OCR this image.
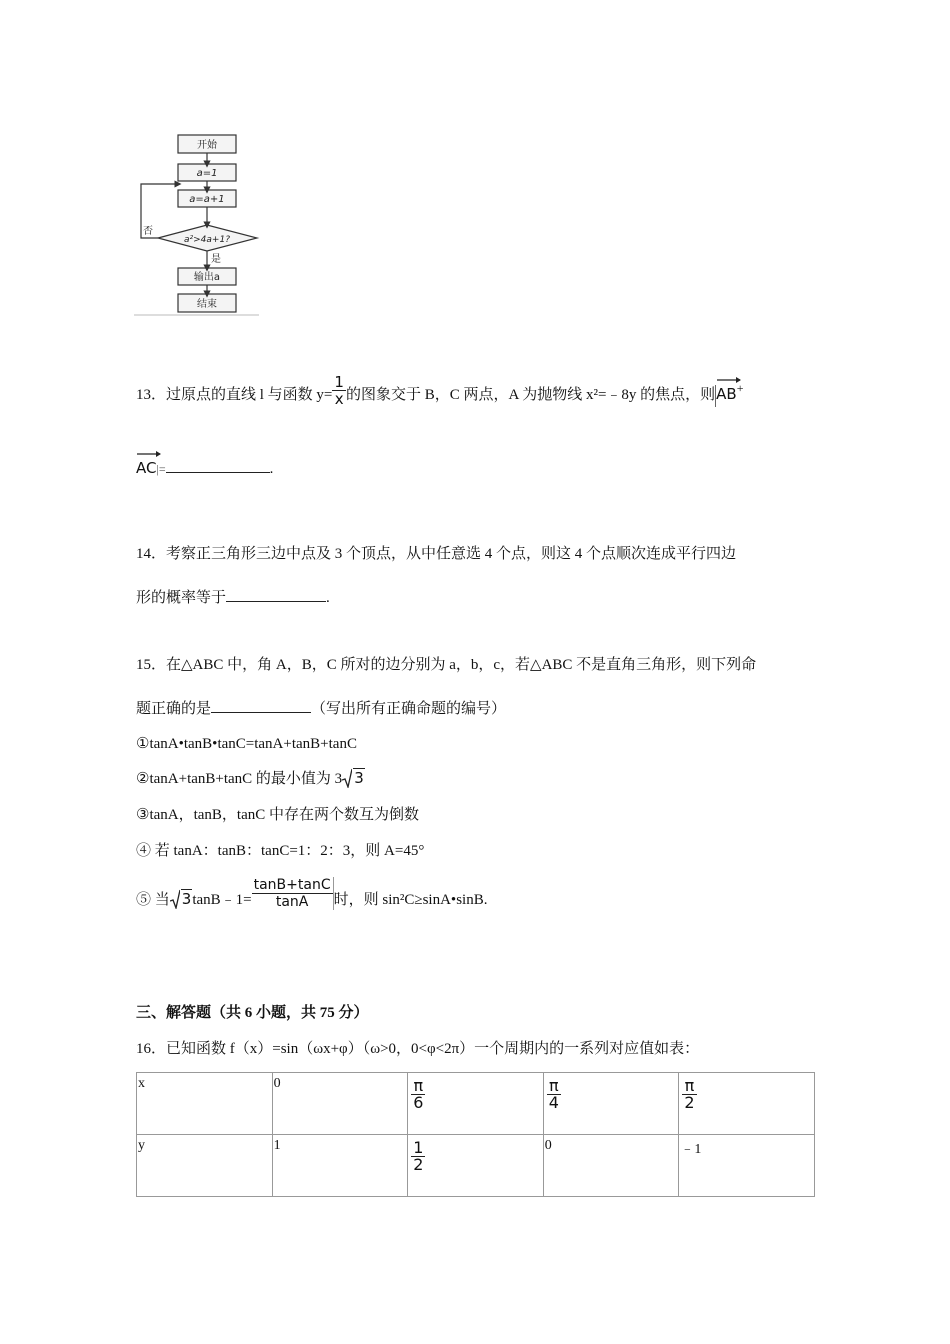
开始
a=1
a=a+1
a²>4a+1?
否
是
输出a
结束
13．过原点的直线 l 与函数 $y= \frac{1}{x}$ 的图象交于 B，C 两点，A 为抛物线 x²=﹣8y 的焦点，则
AB+
AC|=	.
14．考察正三角形三边中点及 3 个顶点，从中任意选 4 个点，则这 4 个点顺次连成平行四边
形的概率等于	.
15．在△ABC 中，角 A，B，C 所对的边分别为 a，b，c，若△ABC 不是直角三角形，则下列命
题正确的是	（写出所有正确命题的编号）
①tanA•tanB•tanC=tanA+tanB+tanC
②tanA+tanB+tanC 的最小值为 3 3
③tanA，tanB，tanC 中存在两个数互为倒数
④ 若 tanA：tanB：tanC=1：2：3，则 A=45°
⑤ 当 3tanB﹣1= $\frac{\tan B+\tan C}{\tan A}$ 时，则 sin²C≥sinA•sinB.
三、解答题（共 6 小题，共 75 分）
16．已知函数 f（x）=sin（ωx+φ）（ω>0，0<φ<2π）一个周期内的一系列对应值如表：
x	0	$\frac{\pi}{6}$	$\frac{\pi}{4}$	$\frac{\pi}{2}$

y	1	$\frac{1}{2}$	0	﹣1
